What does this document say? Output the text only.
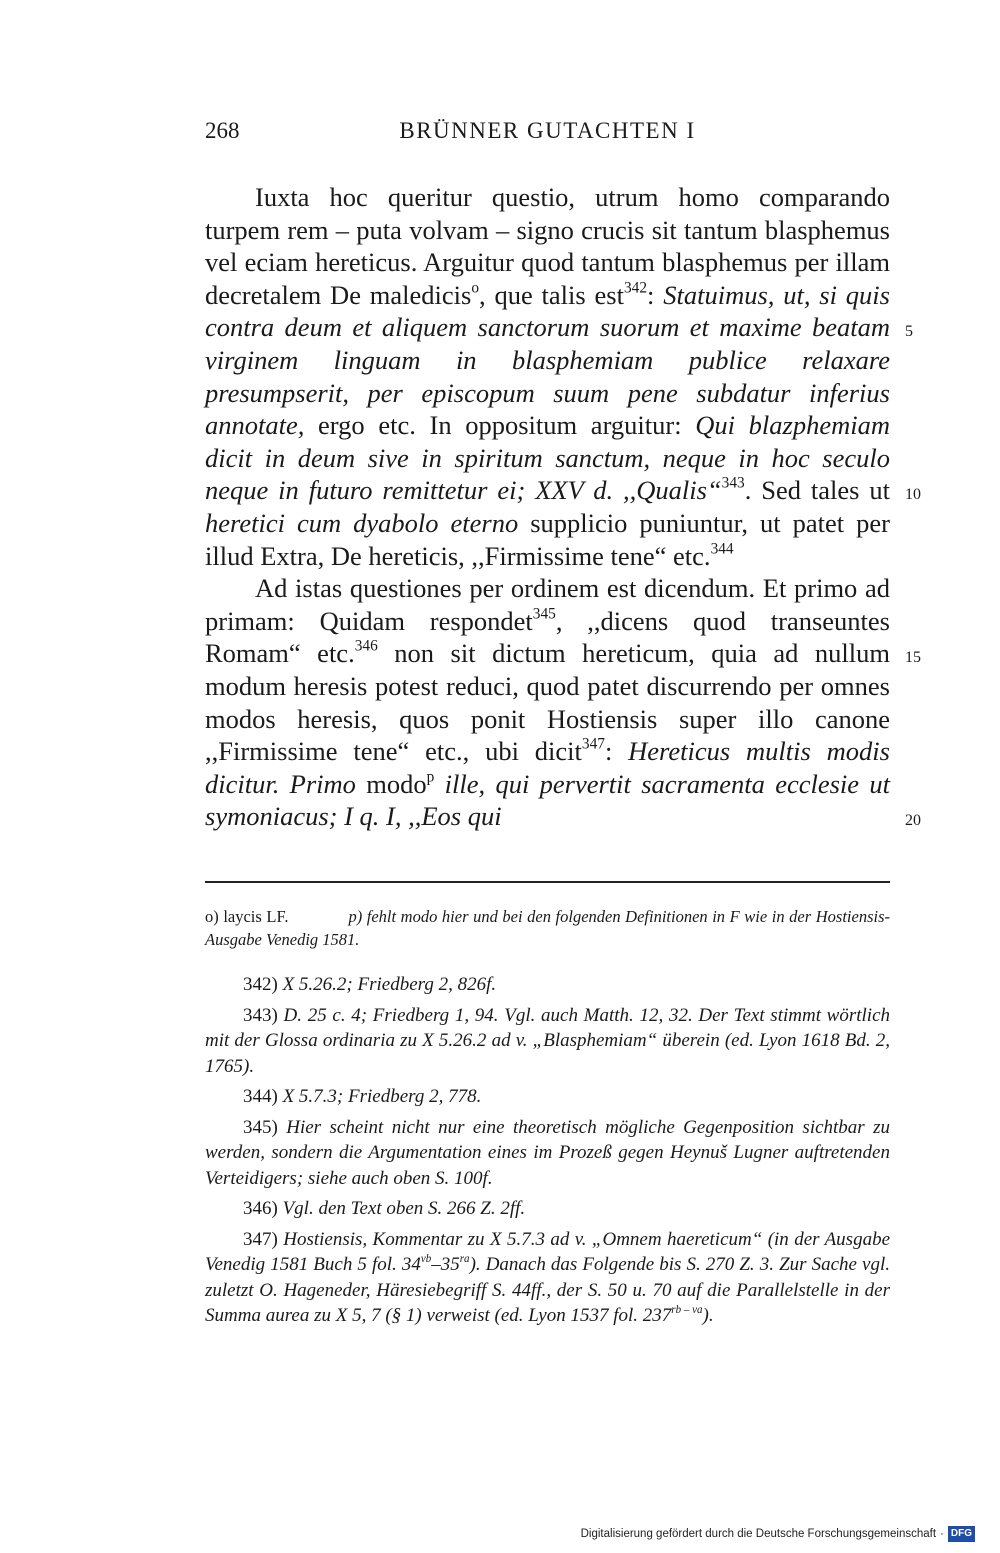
268	BRÜNNER GUTACHTEN I

Iuxta hoc queritur questio, utrum homo comparando turpem rem – puta volvam – signo crucis sit tantum blasphemus vel eciam hereticus. Arguitur quod tantum blasphemus per illam decretalem De maledicis$^o$, que talis est$^{342}$: Statuimus, ut, si quis contra deum et aliquem sanctorum suorum et maxime beatam virginem linguam in blasphemiam publice relaxare presumpserit, per episcopum suum pene subdatur inferius annotate, ergo etc. In oppositum arguitur: Qui blazphemiam dicit in deum sive in spiritum sanctum, neque in hoc seculo neque in futuro remittetur ei; XXV d. ,,Qualis“$^{343}$. Sed tales ut heretici cum dyabolo eterno supplicio puniuntur, ut patet per illud Extra, De hereticis, ,,Firmissime tene“ etc.$^{344}$

Ad istas questiones per ordinem est dicendum. Et primo ad primam: Quidam respondet$^{345}$, ,,dicens quod transeuntes Romam“ etc.$^{346}$ non sit dictum hereticum, quia ad nullum modum heresis potest reduci, quod patet discurrendo per omnes modos heresis, quos ponit Hostiensis super illo canone ,,Firmissime tene“ etc., ubi dicit$^{347}$: Hereticus multis modis dicitur. Primo modo$^p$ ille, qui pervertit sacramenta ecclesie ut symoniacus; I q. I, ,,Eos qui

5
10
15
20
o) laycis LF.	p) fehlt modo hier und bei den folgenden Definitionen in F wie in der Hostiensis-Ausgabe Venedig 1581.

342) X 5.26.2; Friedberg 2, 826f.

343) D. 25 c. 4; Friedberg 1, 94. Vgl. auch Matth. 12, 32. Der Text stimmt wörtlich mit der Glossa ordinaria zu X 5.26.2 ad v. „Blasphemiam“ überein (ed. Lyon 1618 Bd. 2, 1765).

344) X 5.7.3; Friedberg 2, 778.

345) Hier scheint nicht nur eine theoretisch mögliche Gegenposition sichtbar zu werden, sondern die Argumentation eines im Prozeß gegen Heynuš Lugner auftretenden Verteidigers; siehe auch oben S. 100f.

346) Vgl. den Text oben S. 266 Z. 2ff.

347) Hostiensis, Kommentar zu X 5.7.3 ad v. „Omnem haereticum“ (in der Ausgabe Venedig 1581 Buch 5 fol. $34^{vb}-35^{ra}$). Danach das Folgende bis S. 270 Z. 3. Zur Sache vgl. zuletzt O. Hageneder, Häresiebegriff S. 44ff., der S. 50 u. 70 auf die Parallelstelle in der Summa aurea zu X 5, 7 (§ 1) verweist (ed. Lyon 1537 fol. $237^{rb - va}$).

Digitalisierung gefördert durch die Deutsche Forschungsgemeinschaft · DFG
